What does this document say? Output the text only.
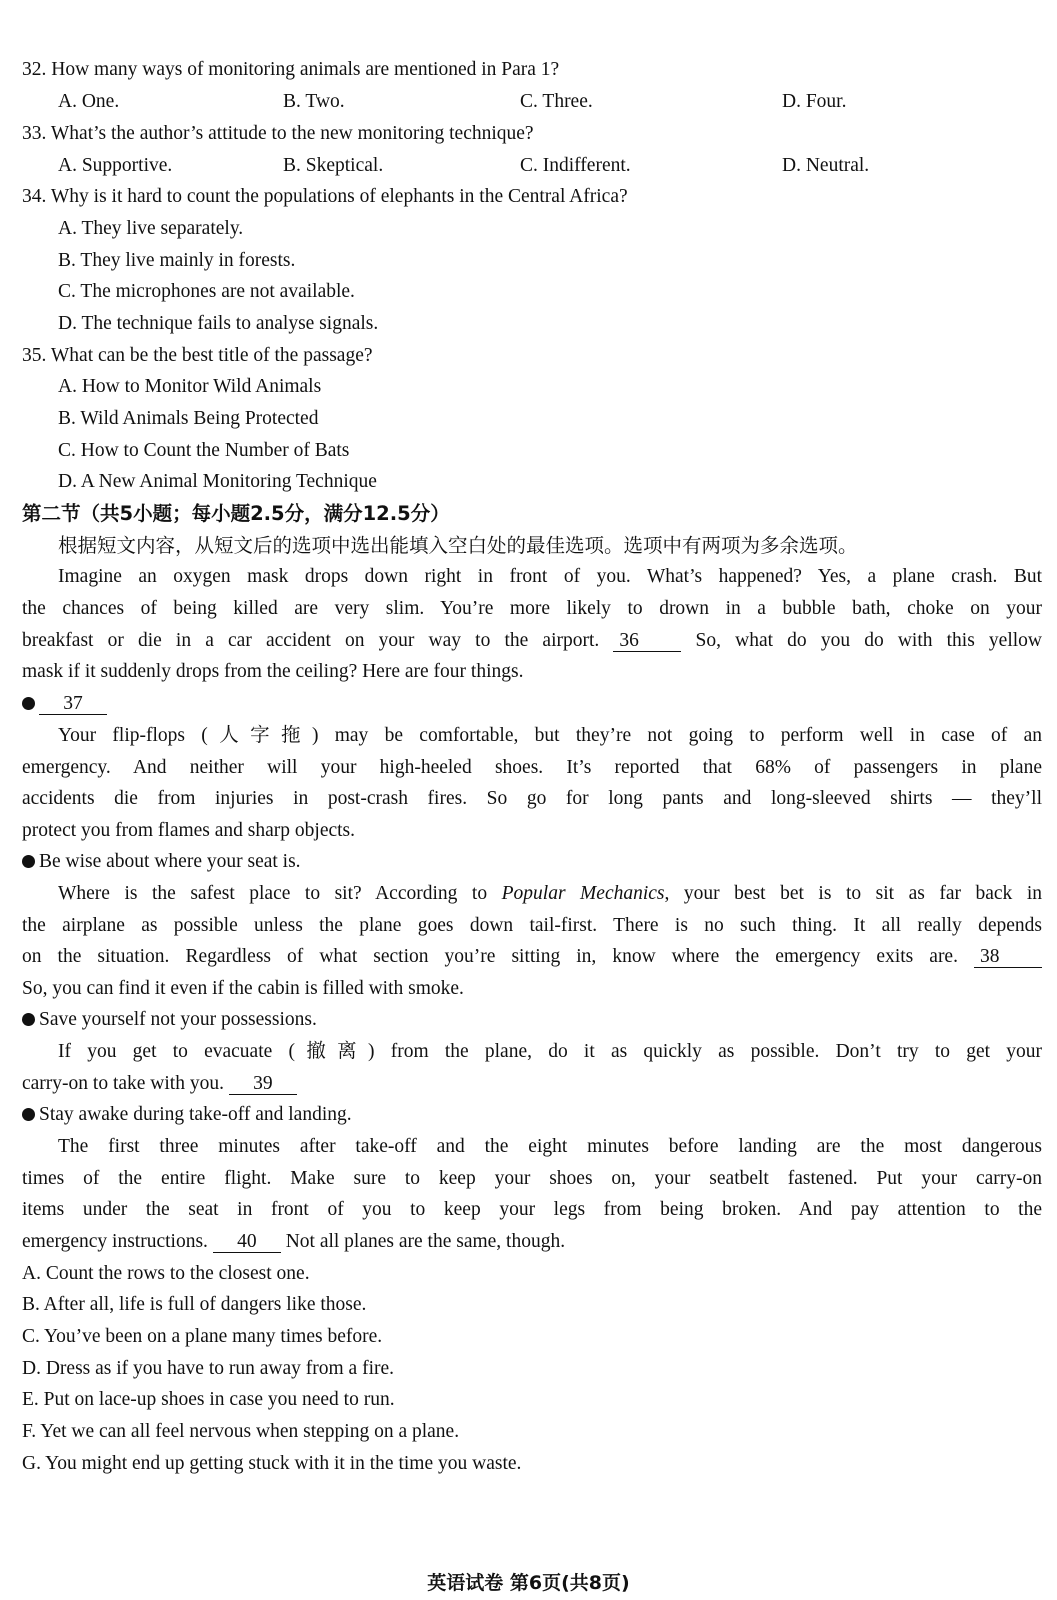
32. How many ways of monitoring animals are mentioned in Para 1?
A. One.	B. Two.	C. Three.	D. Four.
33. What’s the author’s attitude to the new monitoring technique?
A. Supportive.	B. Skeptical.	C. Indifferent.	D. Neutral.
34. Why is it hard to count the populations of elephants in the Central Africa?
A. They live separately.
B. They live mainly in forests.
C. The microphones are not available.
D. The technique fails to analyse signals.
35. What can be the best title of the passage?
A. How to Monitor Wild Animals
B. Wild Animals Being Protected
C. How to Count the Number of Bats
D. A New Animal Monitoring Technique
第二节（共5小题；每小题2.5分，满分12.5分）
根据短文内容，从短文后的选项中选出能填入空白处的最佳选项。选项中有两项为多余选项。
Imagine an oxygen mask drops down right in front of you. What’s happened? Yes, a plane crash. But
the chances of being killed are very slim. You’re more likely to drown in a bubble bath, choke on your
breakfast or die in a car accident on your way to the airport. 36	So, what do you do with this yellow
mask if it suddenly drops from the ceiling? Here are four things.
37
Your flip-flops (人字拖) may be comfortable, but they’re not going to perform well in case of an
emergency. And neither will your high-heeled shoes. It’s reported that 68% of passengers in plane
accidents die from injuries in post-crash fires. So go for long pants and long-sleeved shirts — they’ll
protect you from flames and sharp objects.
Be wise about where your seat is.
Where is the safest place to sit? According to Popular Mechanics, your best bet is to sit as far back in
the airplane as possible unless the plane goes down tail-first. There is no such thing. It all really depends
on the situation. Regardless of what section you’re sitting in, know where the emergency exits are. 38
So, you can find it even if the cabin is filled with smoke.
Save yourself not your possessions.
If you get to evacuate (撤离) from the plane, do it as quickly as possible. Don’t try to get your
carry-on to take with you. 39
Stay awake during take-off and landing.
The first three minutes after take-off and the eight minutes before landing are the most dangerous
times of the entire flight. Make sure to keep your shoes on, your seatbelt fastened. Put your carry-on
items under the seat in front of you to keep your legs from being broken. And pay attention to the
emergency instructions. 40 Not all planes are the same, though.
A. Count the rows to the closest one.
B. After all, life is full of dangers like those.
C. You’ve been on a plane many times before.
D. Dress as if you have to run away from a fire.
E. Put on lace-up shoes in case you need to run.
F. Yet we can all feel nervous when stepping on a plane.
G. You might end up getting stuck with it in the time you waste.
英语试卷 第6页(共8页)
